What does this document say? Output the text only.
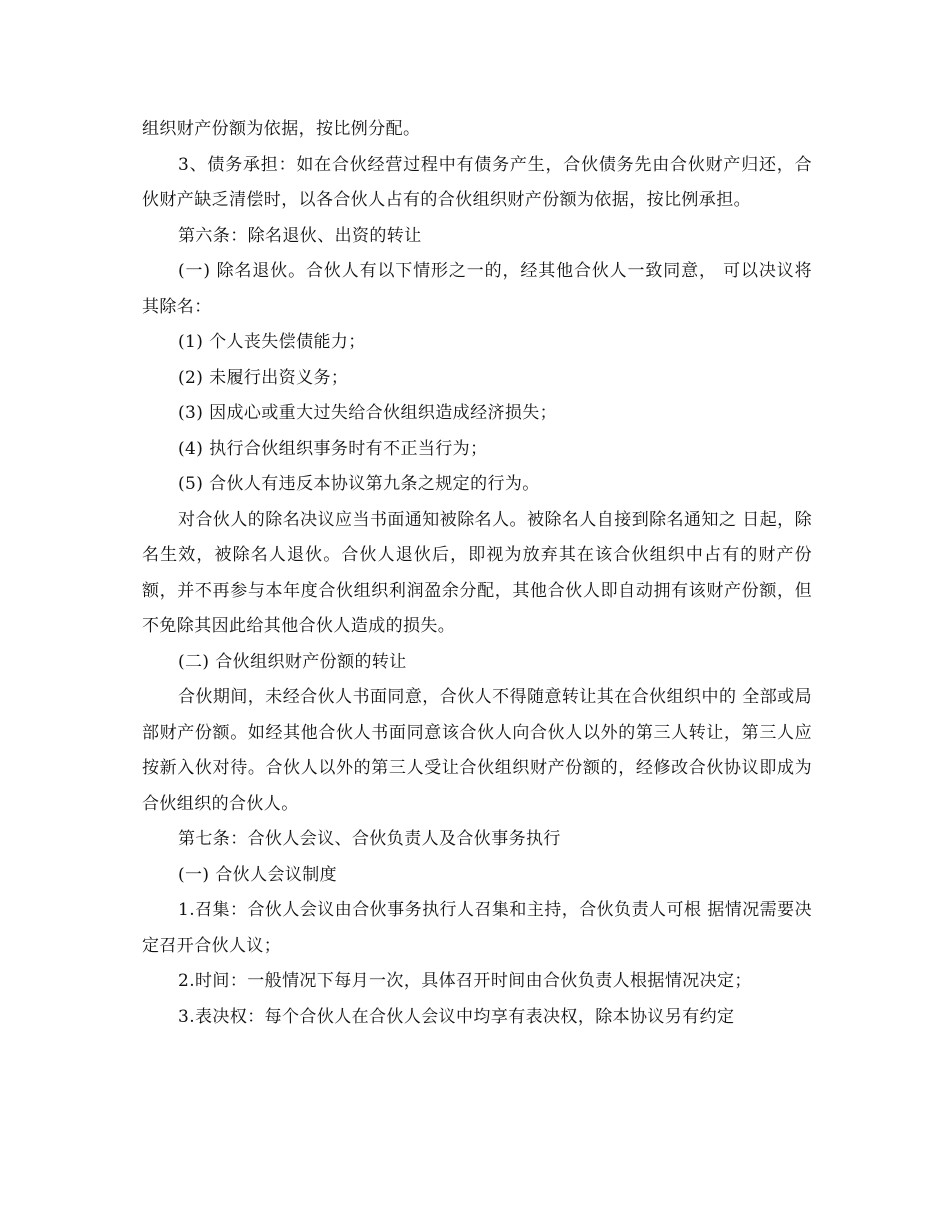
组织财产份额为依据，按比例分配。

3、债务承担：如在合伙经营过程中有债务产生，合伙债务先由合伙财产归还，合伙财产缺乏清偿时，以各合伙人占有的合伙组织财产份额为依据，按比例承担。

第六条：除名退伙、出资的转让

(一) 除名退伙。合伙人有以下情形之一的，经其他合伙人一致同意， 可以决议将其除名：

(1) 个人丧失偿债能力；

(2) 未履行出资义务；

(3) 因成心或重大过失给合伙组织造成经济损失；

(4) 执行合伙组织事务时有不正当行为；

(5) 合伙人有违反本协议第九条之规定的行为。

对合伙人的除名决议应当书面通知被除名人。被除名人自接到除名通知之 日起，除名生效，被除名人退伙。合伙人退伙后，即视为放弃其在该合伙组织中占有的财产份额，并不再参与本年度合伙组织利润盈余分配，其他合伙人即自动拥有该财产份额，但不免除其因此给其他合伙人造成的损失。

(二) 合伙组织财产份额的转让

合伙期间，未经合伙人书面同意，合伙人不得随意转让其在合伙组织中的 全部或局部财产份额。如经其他合伙人书面同意该合伙人向合伙人以外的第三人转让，第三人应按新入伙对待。合伙人以外的第三人受让合伙组织财产份额的，经修改合伙协议即成为合伙组织的合伙人。

第七条：合伙人会议、合伙负责人及合伙事务执行

(一) 合伙人会议制度

1.召集：合伙人会议由合伙事务执行人召集和主持，合伙负责人可根 据情况需要决定召开合伙人议；

2.时间：一般情况下每月一次，具体召开时间由合伙负责人根据情况决定；

3.表决权：每个合伙人在合伙人会议中均享有表决权，除本协议另有约定
